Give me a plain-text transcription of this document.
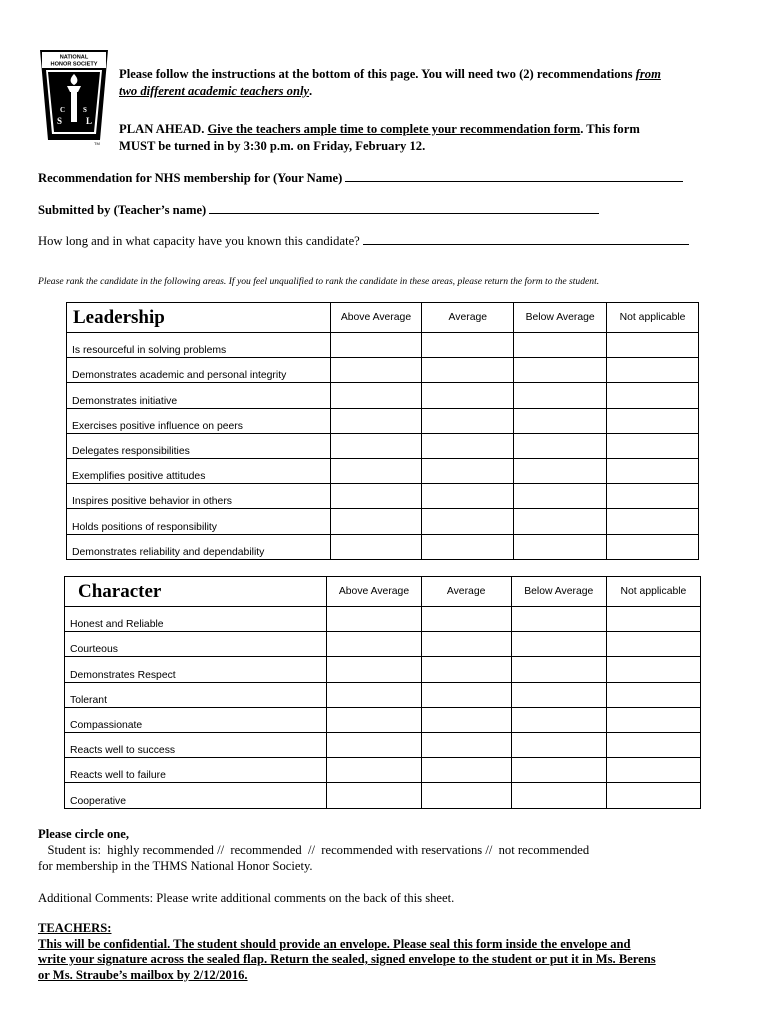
NATIONAL
HONOR SOCIETY
S	L
C	S
TM
Please follow the instructions at the bottom of this page. You will need two (2) recommendations from
two different academic teachers only.
PLAN AHEAD. Give the teachers ample time to complete your recommendation form. This form
MUST be turned in by 3:30 p.m. on Friday, February 12.
Recommendation for NHS membership for (Your Name)
Submitted by (Teacher’s name)
How long and in what capacity have you known this candidate?
Please rank the candidate in the following areas. If you feel unqualified to rank the candidate in these areas, please return the form to the student.
Leadership	Above Average	Average	Below Average	Not applicable
Is resourceful in solving problems				
Demonstrates academic and personal integrity				
Demonstrates initiative				
Exercises positive influence on peers				
Delegates responsibilities				
Exemplifies positive attitudes				
Inspires positive behavior in others				
Holds positions of responsibility				
Demonstrates reliability and dependability				
Character	Above Average	Average	Below Average	Not applicable
Honest and Reliable				
Courteous				
Demonstrates Respect				
Tolerant				
Compassionate				
Reacts well to success				
Reacts well to failure				
Cooperative				
Please circle one,
Student is:  highly recommended //  recommended  //  recommended with reservations //  not recommended
for membership in the THMS National Honor Society.
Additional Comments: Please write additional comments on the back of this sheet.
TEACHERS:
This will be confidential. The student should provide an envelope. Please seal this form inside the envelope and
write your signature across the sealed flap. Return the sealed, signed envelope to the student or put it in Ms. Berens
or Ms. Straube’s mailbox by 2/12/2016.
